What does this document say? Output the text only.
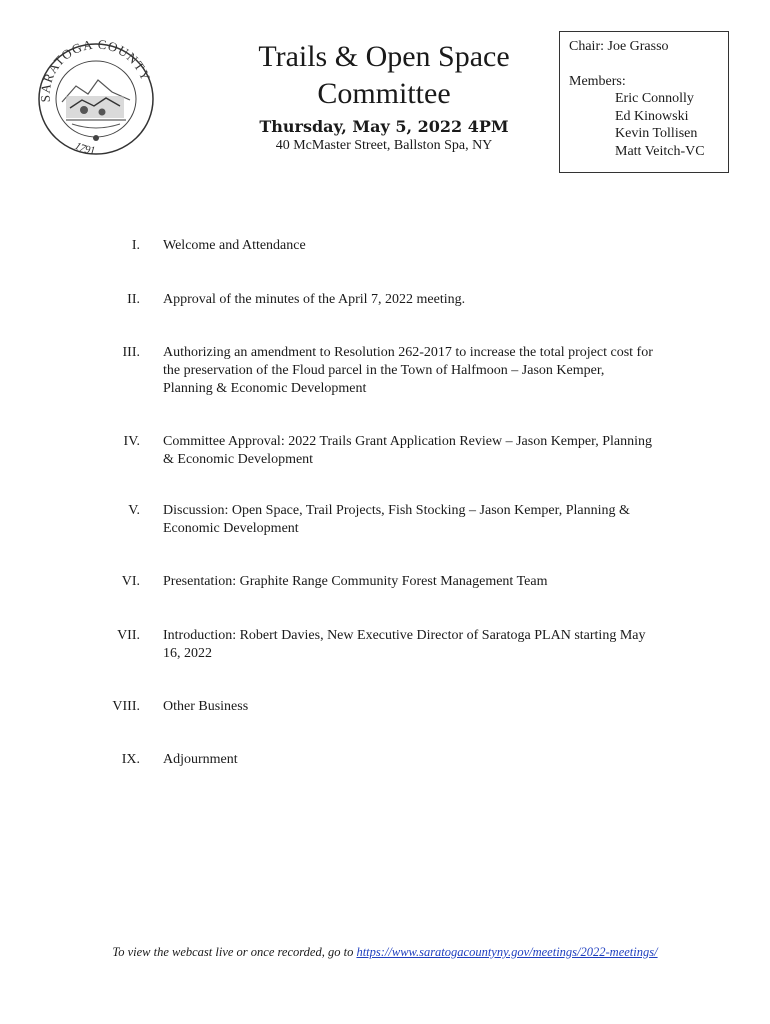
SARATOGA COUNTY
1791
Trails & Open Space
Committee
Thursday, May 5, 2022 4PM
40 McMaster Street, Ballston Spa, NY
Chair: Joe Grasso
Members:
Eric Connolly
Ed Kinowski
Kevin Tollisen
Matt Veitch-VC
I. Welcome and Attendance
II. Approval of the minutes of the April 7, 2022 meeting.
III. Authorizing an amendment to Resolution 262-2017 to increase the total project cost for
the preservation of the Floud parcel in the Town of Halfmoon – Jason Kemper,
Planning & Economic Development
IV. Committee Approval: 2022 Trails Grant Application Review – Jason Kemper, Planning
& Economic Development
V. Discussion: Open Space, Trail Projects, Fish Stocking – Jason Kemper, Planning &
Economic Development
VI. Presentation: Graphite Range Community Forest Management Team
VII. Introduction: Robert Davies, New Executive Director of Saratoga PLAN starting May
16, 2022
VIII. Other Business
IX. Adjournment
To view the webcast live or once recorded, go to https://www.saratogacountyny.gov/meetings/2022-meetings/
